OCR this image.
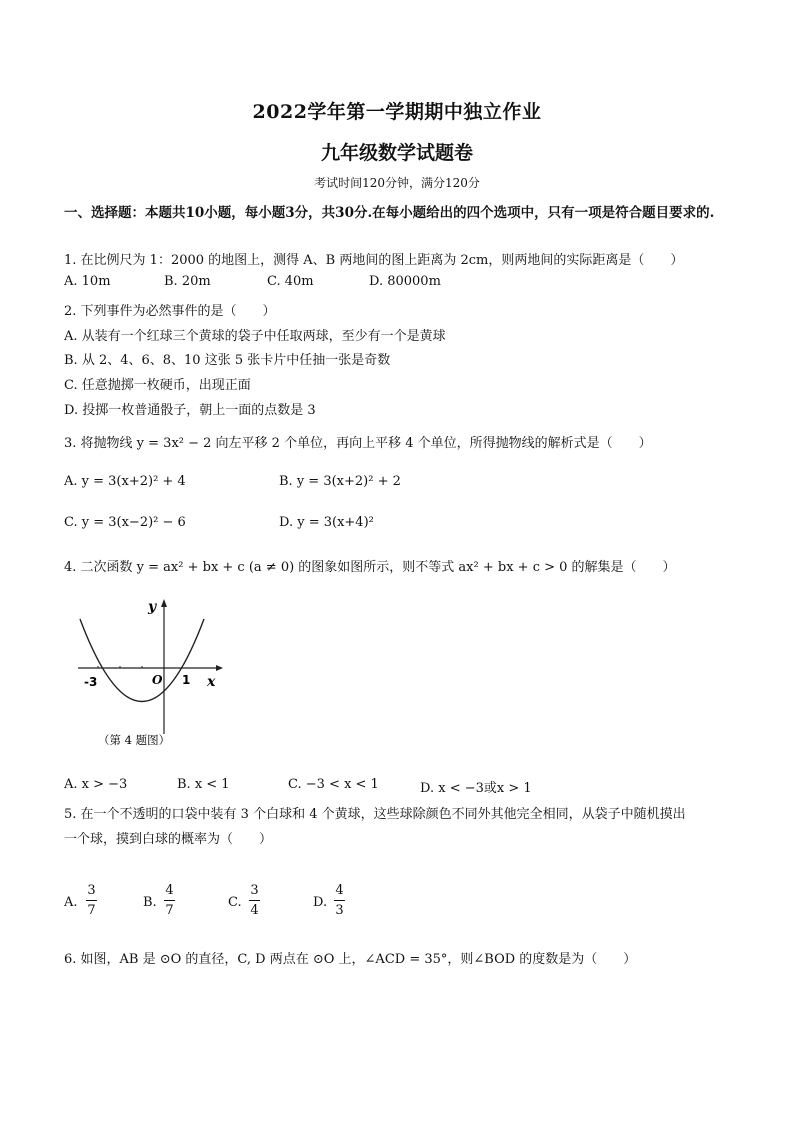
2022学年第一学期期中独立作业
九年级数学试题卷
考试时间120分钟，满分120分
一、选择题：本题共10小题，每小题3分，共30分.在每小题给出的四个选项中，只有一项是符合题目要求的.
1. 在比例尺为 1：2000 的地图上，测得 A、B 两地间的图上距离为 2cm，则两地间的实际距离是（　　）
A. 10m	B. 20m	C. 40m	D. 80000m
2. 下列事件为必然事件的是（　　）
A. 从装有一个红球三个黄球的袋子中任取两球，至少有一个是黄球
B. 从 2、4、6、8、10 这张 5 张卡片中任抽一张是奇数
C. 任意抛掷一枚硬币，出现正面
D. 投掷一枚普通骰子，朝上一面的点数是 3
3. 将抛物线 y = 3x² − 2 向左平移 2 个单位，再向上平移 4 个单位，所得抛物线的解析式是（　　）
A. y = 3(x+2)² + 4	B. y = 3(x+2)² + 2
C. y = 3(x−2)² − 6	D. y = 3(x+4)²
4. 二次函数 y = ax² + bx + c (a ≠ 0) 的图象如图所示，则不等式 ax² + bx + c > 0 的解集是（　　）
y
x
O
-3	1
（第 4 题图）
A. x > −3	B. x < 1	C. −3 < x < 1	D. x < −3或x > 1
5. 在一个不透明的口袋中装有 3 个白球和 4 个黄球，这些球除颜色不同外其他完全相同，从袋子中随机摸出
一个球，摸到白球的概率为（　　）
A.
3
7
B.
4
7
C.
3
4
D.
4
3
6. 如图，AB 是 ⊙O 的直径，C, D 两点在 ⊙O 上，∠ACD = 35°，则∠BOD 的度数是为（　　）
